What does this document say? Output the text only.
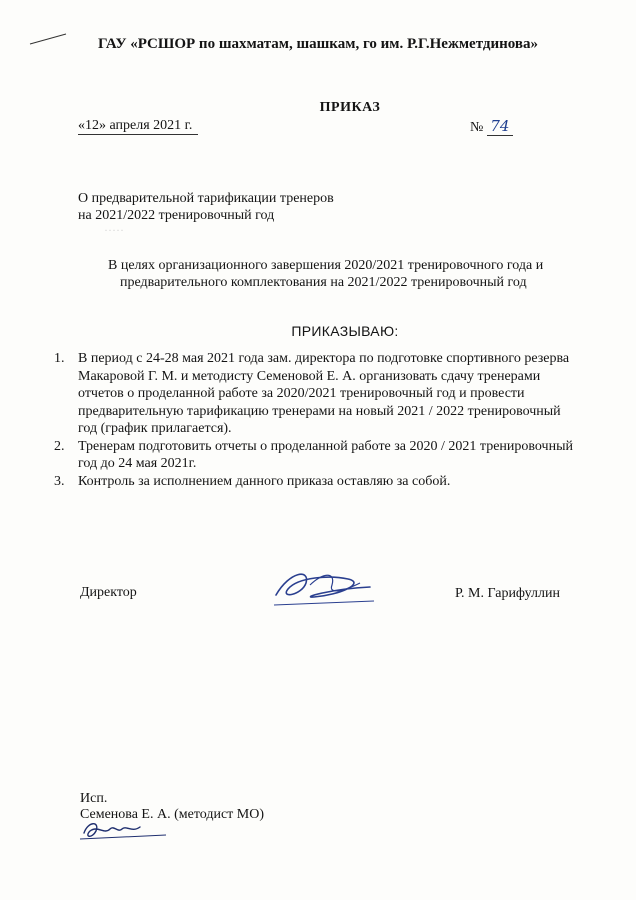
·····
ГАУ «РСШОР по шахматам, шашкам, го им. Р.Г.Нежметдинова»
ПРИКАЗ
«12» апреля 2021 г.	№ 74
О предварительной тарификации тренеров
на 2021/2022 тренировочный год
В целях организационного завершения 2020/2021 тренировочного года и
предварительного комплектования на 2021/2022 тренировочный год
ПРИКАЗЫВАЮ:
1. В период с 24-28 мая 2021 года зам. директора по подготовке спортивного резерва Макаровой Г. М. и методисту Семеновой Е. А. организовать сдачу тренерами отчетов о проделанной работе за 2020/2021 тренировочный год и провести предварительную тарификацию тренерами на новый 2021 / 2022 тренировочный год (график прилагается).
2. Тренерам подготовить отчеты о проделанной работе за 2020 / 2021 тренировочный год до 24 мая 2021г.
3. Контроль за исполнением данного приказа оставляю за собой.
Директор	Р. М. Гарифуллин
Исп.
Семенова Е. А. (методист МО)
